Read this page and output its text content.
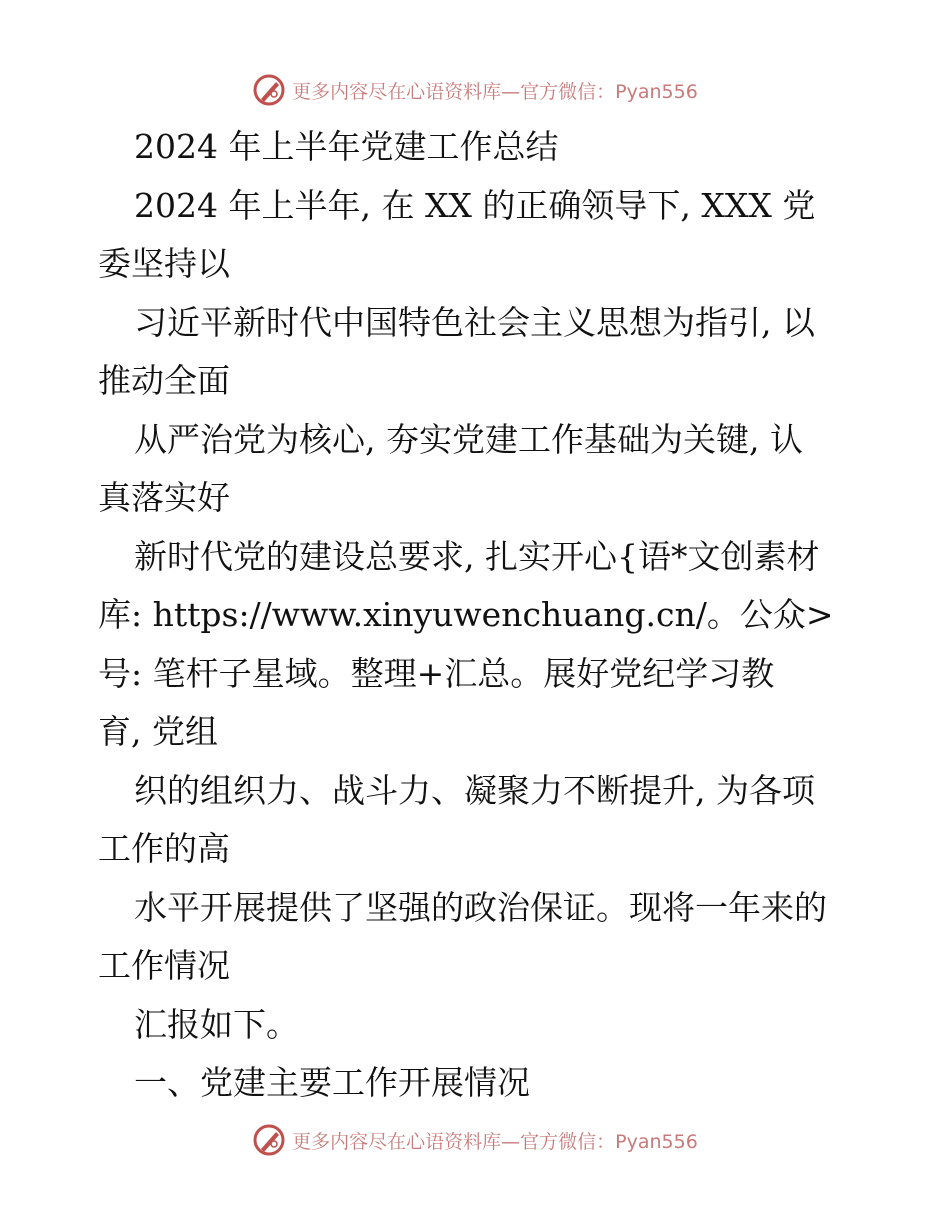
更多内容尽在心语资料库—官方微信：Pyan556
2024 年上半年党建工作总结
2024 年上半年, 在 XX 的正确领导下, XXX 党
委坚持以
习近平新时代中国特色社会主义思想为指引, 以
推动全面
从严治党为核心, 夯实党建工作基础为关键, 认
真落实好
新时代党的建设总要求, 扎实开心{语*文创素材
库: https://www.xinyuwenchuang.cn/。公众>
号: 笔杆子星域。整理+汇总。展好党纪学习教
育, 党组
织的组织力、战斗力、凝聚力不断提升, 为各项
工作的高
水平开展提供了坚强的政治保证。现将一年来的
工作情况
汇报如下。
一、党建主要工作开展情况
更多内容尽在心语资料库—官方微信：Pyan556
